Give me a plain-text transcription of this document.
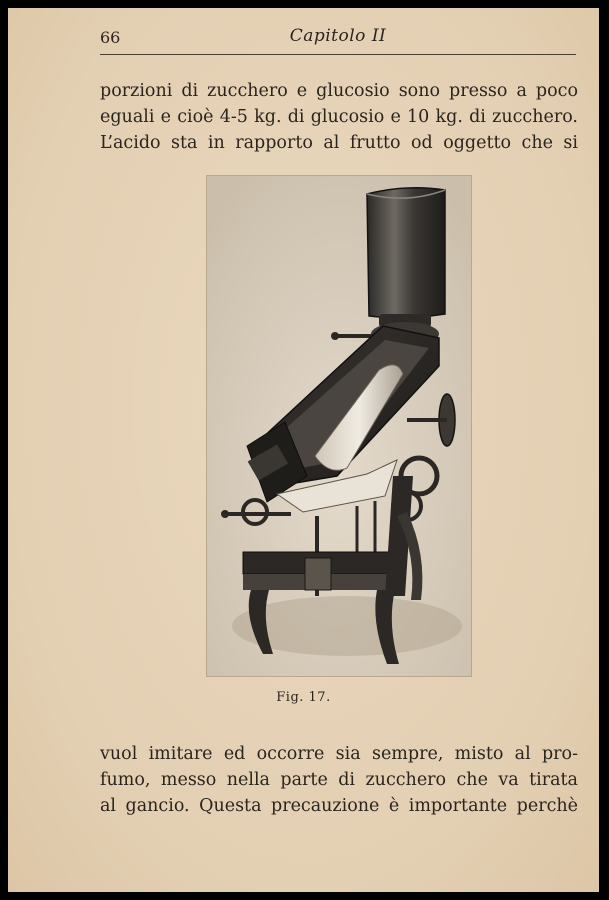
66	Capitolo II
porzioni di zucchero e glucosio sono presso a poco
eguali e cioè 4-5 kg. di glucosio e 10 kg. di zucchero.
L’acido sta in rapporto al frutto od oggetto che si
Fig. 17.
vuol imitare ed occorre sia sempre, misto al pro-
fumo, messo nella parte di zucchero che va tirata
al gancio. Questa precauzione è importante perchè
